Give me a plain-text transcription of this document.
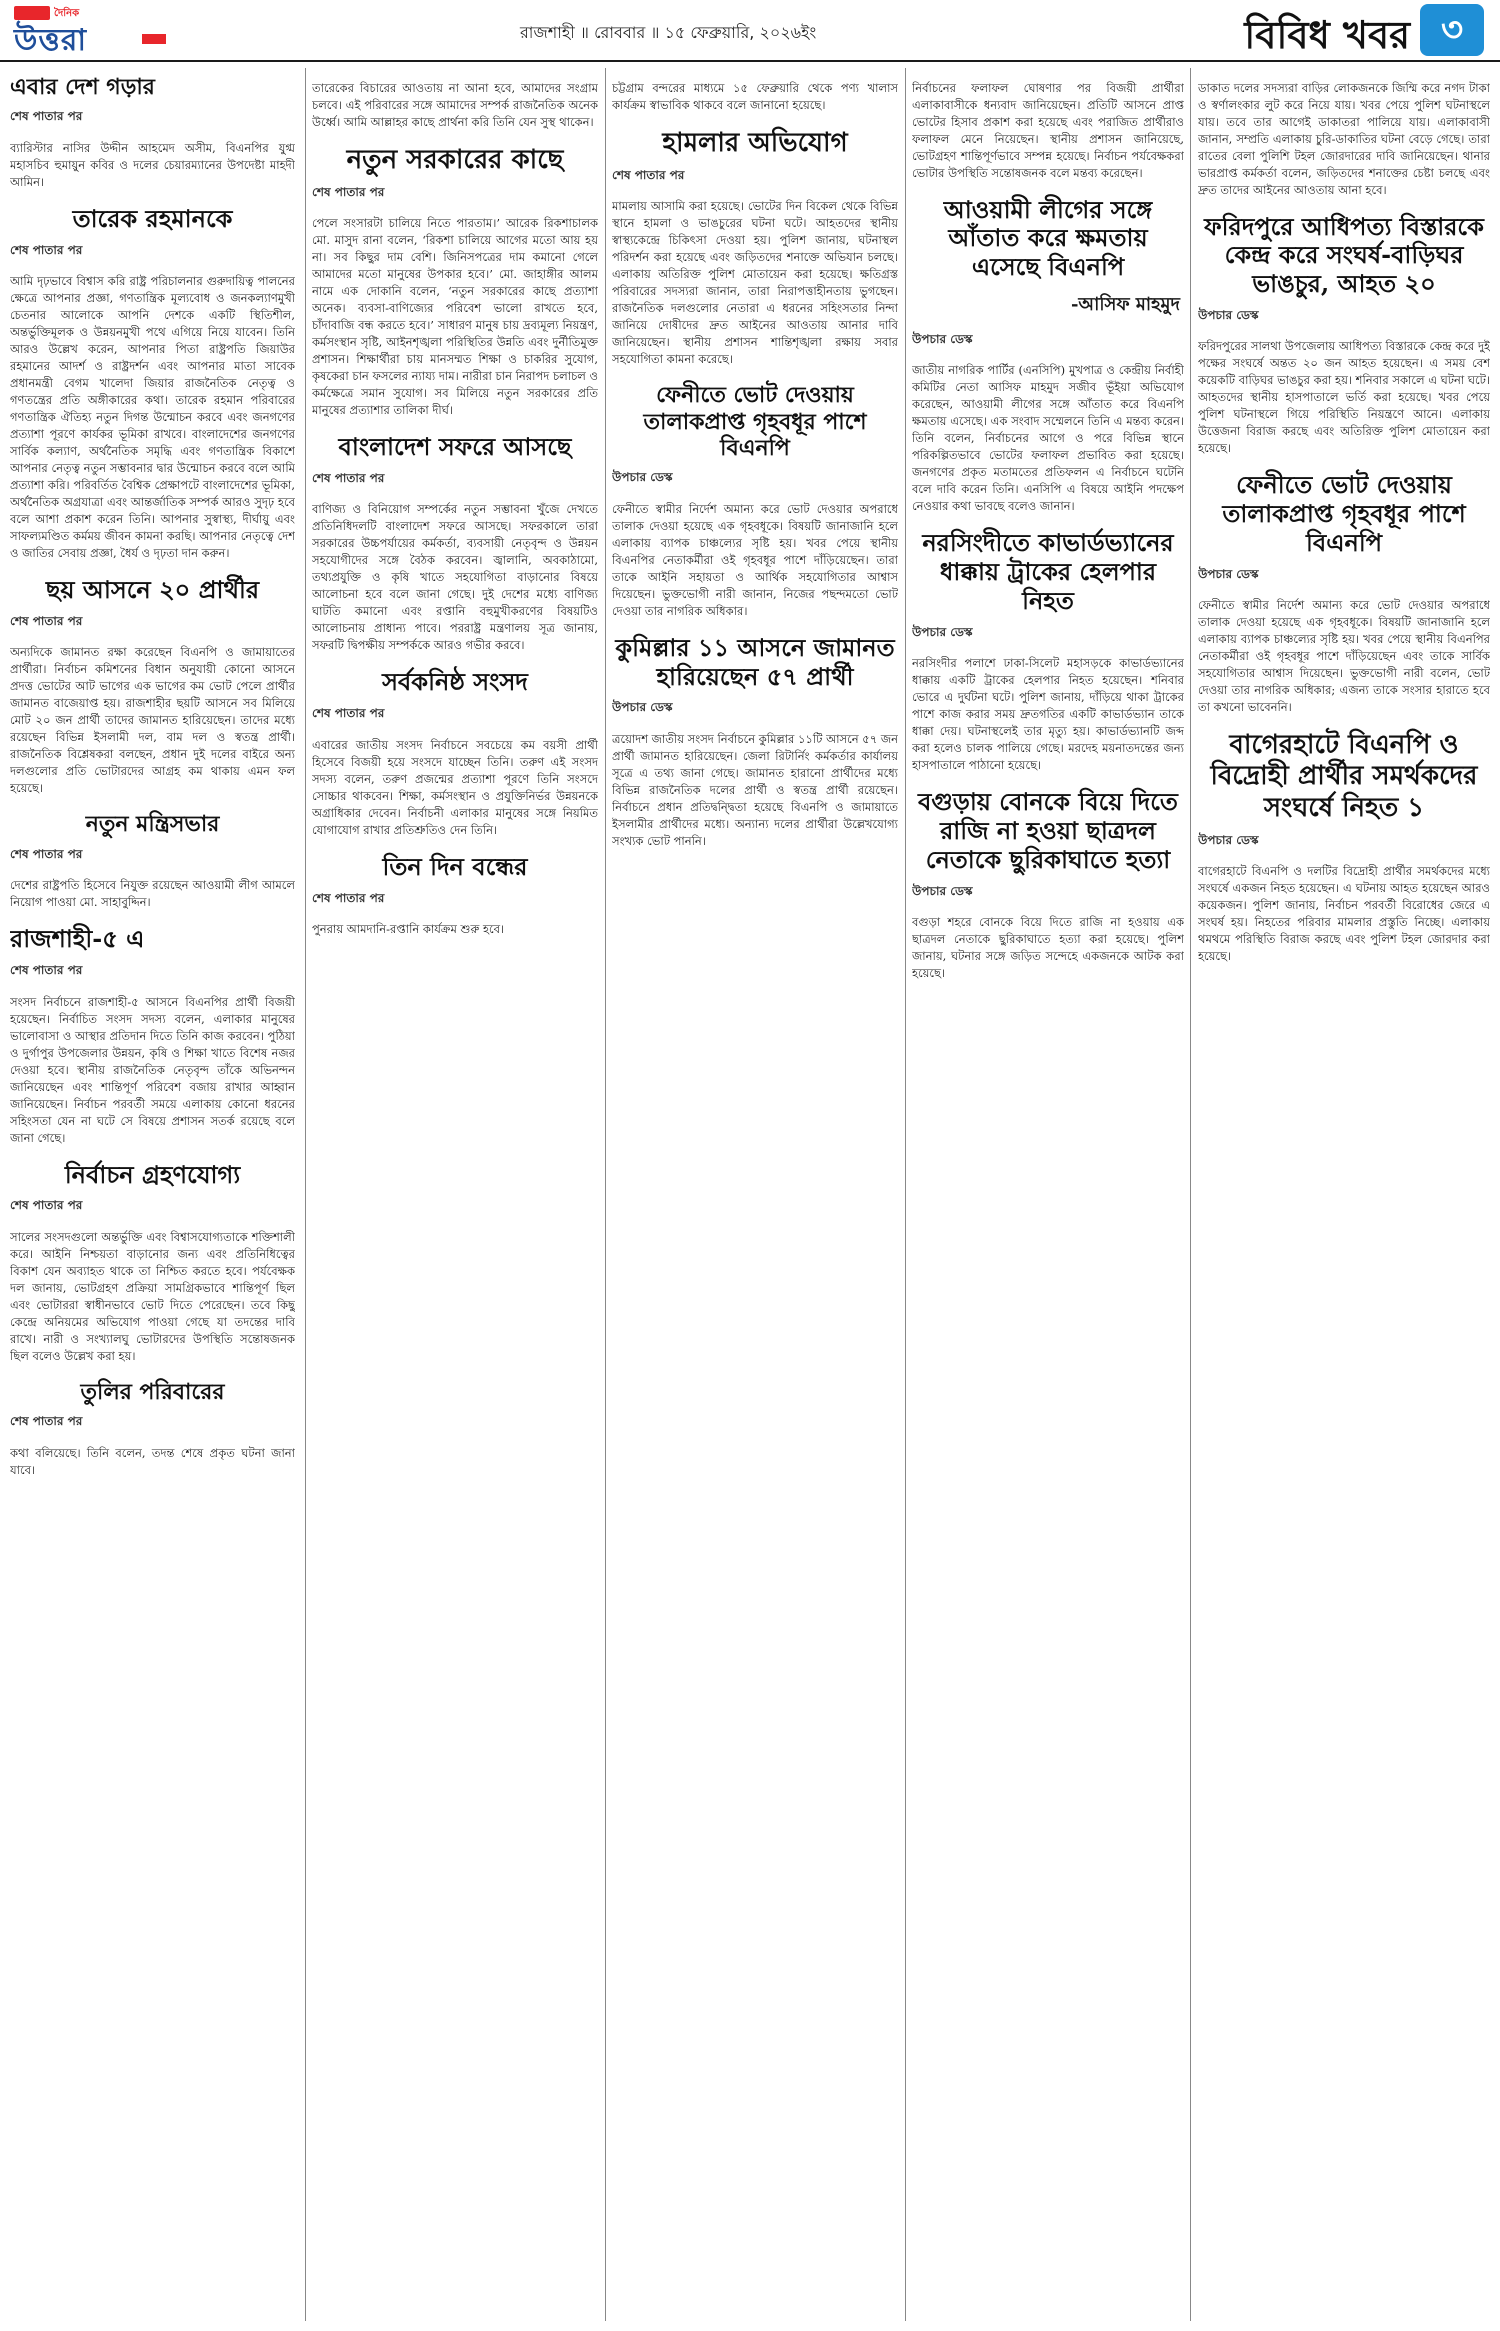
দৈনিক
উত্তরা	রাজশাহী ॥ রোববার ॥ ১৫ ফেব্রুয়ারি, ২০২৬ইং	বিবিধ খবর ৩
এবার দেশ গড়ার
শেষ পাতার পর

ব্যারিস্টার নাসির উদ্দীন আহমেদ অসীম, বিএনপির যুগ্ম মহাসচিব হুমায়ুন কবির ও দলের চেয়ারম্যানের উপদেষ্টা মাহদী আমিন।

তারেক রহমানকে
শেষ পাতার পর

আমি দৃঢ়ভাবে বিশ্বাস করি রাষ্ট্র পরিচালনার গুরুদায়িত্ব পালনের ক্ষেত্রে আপনার প্রজ্ঞা, গণতান্ত্রিক মূল্যবোধ ও জনকল্যাণমুখী চেতনার আলোকে আপনি দেশকে একটি স্থিতিশীল, অন্তর্ভুক্তিমূলক ও উন্নয়নমুখী পথে এগিয়ে নিয়ে যাবেন। তিনি আরও উল্লেখ করেন, আপনার পিতা রাষ্ট্রপতি জিয়াউর রহমানের আদর্শ ও রাষ্ট্রদর্শন এবং আপনার মাতা সাবেক প্রধানমন্ত্রী বেগম খালেদা জিয়ার রাজনৈতিক নেতৃত্ব ও গণতন্ত্রের প্রতি অঙ্গীকারের কথা। তারেক রহমান পরিবারের গণতান্ত্রিক ঐতিহ্য নতুন দিগন্ত উন্মোচন করবে এবং জনগণের প্রত্যাশা পূরণে কার্যকর ভূমিকা রাখবে। বাংলাদেশের জনগণের সার্বিক কল্যাণ, অর্থনৈতিক সমৃদ্ধি এবং গণতান্ত্রিক বিকাশে আপনার নেতৃত্ব নতুন সম্ভাবনার দ্বার উন্মোচন করবে বলে আমি প্রত্যাশা করি। পরিবর্তিত বৈশ্বিক প্রেক্ষাপটে বাংলাদেশের ভূমিকা, অর্থনৈতিক অগ্রযাত্রা এবং আন্তর্জাতিক সম্পর্ক আরও সুদৃঢ় হবে বলে আশা প্রকাশ করেন তিনি। আপনার সুস্বাস্থ্য, দীর্ঘায়ু এবং সাফল্যমণ্ডিত কর্মময় জীবন কামনা করছি। আপনার নেতৃত্বে দেশ ও জাতির সেবায় প্রজ্ঞা, ধৈর্য ও দৃঢ়তা দান করুন।

ছয় আসনে ২০ প্রার্থীর
শেষ পাতার পর

অন্যদিকে জামানত রক্ষা করেছেন বিএনপি ও জামায়াতের প্রার্থীরা। নির্বাচন কমিশনের বিধান অনুযায়ী কোনো আসনে প্রদত্ত ভোটের আট ভাগের এক ভাগের কম ভোট পেলে প্রার্থীর জামানত বাজেয়াপ্ত হয়। রাজশাহীর ছয়টি আসনে সব মিলিয়ে মোট ২০ জন প্রার্থী তাদের জামানত হারিয়েছেন। তাদের মধ্যে রয়েছেন বিভিন্ন ইসলামী দল, বাম দল ও স্বতন্ত্র প্রার্থী। রাজনৈতিক বিশ্লেষকরা বলছেন, প্রধান দুই দলের বাইরে অন্য দলগুলোর প্রতি ভোটারদের আগ্রহ কম থাকায় এমন ফল হয়েছে।

নতুন মন্ত্রিসভার
শেষ পাতার পর

দেশের রাষ্ট্রপতি হিসেবে নিযুক্ত রয়েছেন আওয়ামী লীগ আমলে নিয়োগ পাওয়া মো. সাহাবুদ্দিন।

রাজশাহী-৫ এ
শেষ পাতার পর

সংসদ নির্বাচনে রাজশাহী-৫ আসনে বিএনপির প্রার্থী বিজয়ী হয়েছেন। নির্বাচিত সংসদ সদস্য বলেন, এলাকার মানুষের ভালোবাসা ও আস্থার প্রতিদান দিতে তিনি কাজ করবেন। পুঠিয়া ও দুর্গাপুর উপজেলার উন্নয়ন, কৃষি ও শিক্ষা খাতে বিশেষ নজর দেওয়া হবে। স্থানীয় রাজনৈতিক নেতৃবৃন্দ তাঁকে অভিনন্দন জানিয়েছেন এবং শান্তিপূর্ণ পরিবেশ বজায় রাখার আহ্বান জানিয়েছেন। নির্বাচন পরবর্তী সময়ে এলাকায় কোনো ধরনের সহিংসতা যেন না ঘটে সে বিষয়ে প্রশাসন সতর্ক রয়েছে বলে জানা গেছে।

নির্বাচন গ্রহণযোগ্য
শেষ পাতার পর

সালের সংসদগুলো অন্তর্ভুক্তি এবং বিশ্বাসযোগ্যতাকে শক্তিশালী করে। আইনি নিশ্চয়তা বাড়ানোর জন্য এবং প্রতিনিধিত্বের বিকাশ যেন অব্যাহত থাকে তা নিশ্চিত করতে হবে। পর্যবেক্ষক দল জানায়, ভোটগ্রহণ প্রক্রিয়া সামগ্রিকভাবে শান্তিপূর্ণ ছিল এবং ভোটাররা স্বাধীনভাবে ভোট দিতে পেরেছেন। তবে কিছু কেন্দ্রে অনিয়মের অভিযোগ পাওয়া গেছে যা তদন্তের দাবি রাখে। নারী ও সংখ্যালঘু ভোটারদের উপস্থিতি সন্তোষজনক ছিল বলেও উল্লেখ করা হয়।

তুলির পরিবারের
শেষ পাতার পর

কথা বলিয়েছে। তিনি বলেন, তদন্ত শেষে প্রকৃত ঘটনা জানা যাবে।

তারেকের বিচারের আওতায় না আনা হবে, আমাদের সংগ্রাম চলবে। এই পরিবারের সঙ্গে আমাদের সম্পর্ক রাজনৈতিক অনেক উর্ধ্বে। আমি আল্লাহর কাছে প্রার্থনা করি তিনি যেন সুস্থ থাকেন।

নতুন সরকারের কাছে
শেষ পাতার পর

পেলে সংসারটা চালিয়ে নিতে পারতাম।’ আরেক রিকশাচালক মো. মাসুদ রানা বলেন, ‘রিকশা চালিয়ে আগের মতো আয় হয় না। সব কিছুর দাম বেশি। জিনিসপত্রের দাম কমানো গেলে আমাদের মতো মানুষের উপকার হবে।’ মো. জাহাঙ্গীর আলম নামে এক দোকানি বলেন, ‘নতুন সরকারের কাছে প্রত্যাশা অনেক। ব্যবসা-বাণিজ্যের পরিবেশ ভালো রাখতে হবে, চাঁদাবাজি বন্ধ করতে হবে।’ সাধারণ মানুষ চায় দ্রব্যমূল্য নিয়ন্ত্রণ, কর্মসংস্থান সৃষ্টি, আইনশৃঙ্খলা পরিস্থিতির উন্নতি এবং দুর্নীতিমুক্ত প্রশাসন। শিক্ষার্থীরা চায় মানসম্মত শিক্ষা ও চাকরির সুযোগ, কৃষকেরা চান ফসলের ন্যায্য দাম। নারীরা চান নিরাপদ চলাচল ও কর্মক্ষেত্রে সমান সুযোগ। সব মিলিয়ে নতুন সরকারের প্রতি মানুষের প্রত্যাশার তালিকা দীর্ঘ।

বাংলাদেশ সফরে আসছে
শেষ পাতার পর

বাণিজ্য ও বিনিয়োগ সম্পর্কের নতুন সম্ভাবনা খুঁজে দেখতে প্রতিনিধিদলটি বাংলাদেশ সফরে আসছে। সফরকালে তারা সরকারের উচ্চপর্যায়ের কর্মকর্তা, ব্যবসায়ী নেতৃবৃন্দ ও উন্নয়ন সহযোগীদের সঙ্গে বৈঠক করবেন। জ্বালানি, অবকাঠামো, তথ্যপ্রযুক্তি ও কৃষি খাতে সহযোগিতা বাড়ানোর বিষয়ে আলোচনা হবে বলে জানা গেছে। দুই দেশের মধ্যে বাণিজ্য ঘাটতি কমানো এবং রপ্তানি বহুমুখীকরণের বিষয়টিও আলোচনায় প্রাধান্য পাবে। পররাষ্ট্র মন্ত্রণালয় সূত্র জানায়, সফরটি দ্বিপক্ষীয় সম্পর্ককে আরও গভীর করবে।

সর্বকনিষ্ঠ সংসদ
শেষ পাতার পর

এবারের জাতীয় সংসদ নির্বাচনে সবচেয়ে কম বয়সী প্রার্থী হিসেবে বিজয়ী হয়ে সংসদে যাচ্ছেন তিনি। তরুণ এই সংসদ সদস্য বলেন, তরুণ প্রজন্মের প্রত্যাশা পূরণে তিনি সংসদে সোচ্চার থাকবেন। শিক্ষা, কর্মসংস্থান ও প্রযুক্তিনির্ভর উন্নয়নকে অগ্রাধিকার দেবেন। নির্বাচনী এলাকার মানুষের সঙ্গে নিয়মিত যোগাযোগ রাখার প্রতিশ্রুতিও দেন তিনি।

তিন দিন বন্ধের
শেষ পাতার পর

পুনরায় আমদানি-রপ্তানি কার্যক্রম শুরু হবে।

চট্টগ্রাম বন্দরের মাধ্যমে ১৫ ফেব্রুয়ারি থেকে পণ্য খালাস কার্যক্রম স্বাভাবিক থাকবে বলে জানানো হয়েছে।

হামলার অভিযোগ
শেষ পাতার পর

মামলায় আসামি করা হয়েছে। ভোটের দিন বিকেল থেকে বিভিন্ন স্থানে হামলা ও ভাঙচুরের ঘটনা ঘটে। আহতদের স্থানীয় স্বাস্থ্যকেন্দ্রে চিকিৎসা দেওয়া হয়। পুলিশ জানায়, ঘটনাস্থল পরিদর্শন করা হয়েছে এবং জড়িতদের শনাক্তে অভিযান চলছে। এলাকায় অতিরিক্ত পুলিশ মোতায়েন করা হয়েছে। ক্ষতিগ্রস্ত পরিবারের সদস্যরা জানান, তারা নিরাপত্তাহীনতায় ভুগছেন। রাজনৈতিক দলগুলোর নেতারা এ ধরনের সহিংসতার নিন্দা জানিয়ে দোষীদের দ্রুত আইনের আওতায় আনার দাবি জানিয়েছেন। স্থানীয় প্রশাসন শান্তিশৃঙ্খলা রক্ষায় সবার সহযোগিতা কামনা করেছে।

ফেনীতে ভোট দেওয়ায় তালাকপ্রাপ্ত গৃহবধূর পাশে বিএনপি
উপচার ডেস্ক

ফেনীতে স্বামীর নির্দেশ অমান্য করে ভোট দেওয়ার অপরাধে তালাক দেওয়া হয়েছে এক গৃহবধূকে। বিষয়টি জানাজানি হলে এলাকায় ব্যাপক চাঞ্চল্যের সৃষ্টি হয়। খবর পেয়ে স্থানীয় বিএনপির নেতাকর্মীরা ওই গৃহবধূর পাশে দাঁড়িয়েছেন। তারা তাকে আইনি সহায়তা ও আর্থিক সহযোগিতার আশ্বাস দিয়েছেন। ভুক্তভোগী নারী জানান, নিজের পছন্দমতো ভোট দেওয়া তার নাগরিক অধিকার।

কুমিল্লার ১১ আসনে জামানত হারিয়েছেন ৫৭ প্রার্থী
উপচার ডেস্ক

ত্রয়োদশ জাতীয় সংসদ নির্বাচনে কুমিল্লার ১১টি আসনে ৫৭ জন প্রার্থী জামানত হারিয়েছেন। জেলা রিটার্নিং কর্মকর্তার কার্যালয় সূত্রে এ তথ্য জানা গেছে। জামানত হারানো প্রার্থীদের মধ্যে বিভিন্ন রাজনৈতিক দলের প্রার্থী ও স্বতন্ত্র প্রার্থী রয়েছেন। নির্বাচনে প্রধান প্রতিদ্বন্দ্বিতা হয়েছে বিএনপি ও জামায়াতে ইসলামীর প্রার্থীদের মধ্যে। অন্যান্য দলের প্রার্থীরা উল্লেখযোগ্য সংখ্যক ভোট পাননি।

নির্বাচনের ফলাফল ঘোষণার পর বিজয়ী প্রার্থীরা এলাকাবাসীকে ধন্যবাদ জানিয়েছেন। প্রতিটি আসনে প্রাপ্ত ভোটের হিসাব প্রকাশ করা হয়েছে এবং পরাজিত প্রার্থীরাও ফলাফল মেনে নিয়েছেন। স্থানীয় প্রশাসন জানিয়েছে, ভোটগ্রহণ শান্তিপূর্ণভাবে সম্পন্ন হয়েছে। নির্বাচন পর্যবেক্ষকরা ভোটার উপস্থিতি সন্তোষজনক বলে মন্তব্য করেছেন।

আওয়ামী লীগের সঙ্গে আঁতাত করে ক্ষমতায় এসেছে বিএনপি
-আসিফ মাহমুদ
উপচার ডেস্ক

জাতীয় নাগরিক পার্টির (এনসিপি) মুখপাত্র ও কেন্দ্রীয় নির্বাহী কমিটির নেতা আসিফ মাহমুদ সজীব ভূঁইয়া অভিযোগ করেছেন, আওয়ামী লীগের সঙ্গে আঁতাত করে বিএনপি ক্ষমতায় এসেছে। এক সংবাদ সম্মেলনে তিনি এ মন্তব্য করেন। তিনি বলেন, নির্বাচনের আগে ও পরে বিভিন্ন স্থানে পরিকল্পিতভাবে ভোটের ফলাফল প্রভাবিত করা হয়েছে। জনগণের প্রকৃত মতামতের প্রতিফলন এ নির্বাচনে ঘটেনি বলে দাবি করেন তিনি। এনসিপি এ বিষয়ে আইনি পদক্ষেপ নেওয়ার কথা ভাবছে বলেও জানান।

নরসিংদীতে কাভার্ডভ্যানের ধাক্কায় ট্রাকের হেলপার নিহত
উপচার ডেস্ক

নরসিংদীর পলাশে ঢাকা-সিলেট মহাসড়কে কাভার্ডভ্যানের ধাক্কায় একটি ট্রাকের হেলপার নিহত হয়েছেন। শনিবার ভোরে এ দুর্ঘটনা ঘটে। পুলিশ জানায়, দাঁড়িয়ে থাকা ট্রাকের পাশে কাজ করার সময় দ্রুতগতির একটি কাভার্ডভ্যান তাকে ধাক্কা দেয়। ঘটনাস্থলেই তার মৃত্যু হয়। কাভার্ডভ্যানটি জব্দ করা হলেও চালক পালিয়ে গেছে। মরদেহ ময়নাতদন্তের জন্য হাসপাতালে পাঠানো হয়েছে।

বগুড়ায় বোনকে বিয়ে দিতে রাজি না হওয়া ছাত্রদল নেতাকে ছুরিকাঘাতে হত্যা
উপচার ডেস্ক

বগুড়া শহরে বোনকে বিয়ে দিতে রাজি না হওয়ায় এক ছাত্রদল নেতাকে ছুরিকাঘাতে হত্যা করা হয়েছে। পুলিশ জানায়, ঘটনার সঙ্গে জড়িত সন্দেহে একজনকে আটক করা হয়েছে।

ডাকাত দলের সদস্যরা বাড়ির লোকজনকে জিম্মি করে নগদ টাকা ও স্বর্ণালংকার লুট করে নিয়ে যায়। খবর পেয়ে পুলিশ ঘটনাস্থলে যায়। তবে তার আগেই ডাকাতরা পালিয়ে যায়। এলাকাবাসী জানান, সম্প্রতি এলাকায় চুরি-ডাকাতির ঘটনা বেড়ে গেছে। তারা রাতের বেলা পুলিশি টহল জোরদারের দাবি জানিয়েছেন। থানার ভারপ্রাপ্ত কর্মকর্তা বলেন, জড়িতদের শনাক্তের চেষ্টা চলছে এবং দ্রুত তাদের আইনের আওতায় আনা হবে।

ফরিদপুরে আধিপত্য বিস্তারকে কেন্দ্র করে সংঘর্ষ-বাড়িঘর ভাঙচুর, আহত ২০
উপচার ডেস্ক

ফরিদপুরের সালথা উপজেলায় আধিপত্য বিস্তারকে কেন্দ্র করে দুই পক্ষের সংঘর্ষে অন্তত ২০ জন আহত হয়েছেন। এ সময় বেশ কয়েকটি বাড়িঘর ভাঙচুর করা হয়। শনিবার সকালে এ ঘটনা ঘটে। আহতদের স্থানীয় হাসপাতালে ভর্তি করা হয়েছে। খবর পেয়ে পুলিশ ঘটনাস্থলে গিয়ে পরিস্থিতি নিয়ন্ত্রণে আনে। এলাকায় উত্তেজনা বিরাজ করছে এবং অতিরিক্ত পুলিশ মোতায়েন করা হয়েছে।

ফেনীতে ভোট দেওয়ায় তালাকপ্রাপ্ত গৃহবধূর পাশে বিএনপি
উপচার ডেস্ক

ফেনীতে স্বামীর নির্দেশ অমান্য করে ভোট দেওয়ার অপরাধে তালাক দেওয়া হয়েছে এক গৃহবধূকে। বিষয়টি জানাজানি হলে এলাকায় ব্যাপক চাঞ্চল্যের সৃষ্টি হয়। খবর পেয়ে স্থানীয় বিএনপির নেতাকর্মীরা ওই গৃহবধূর পাশে দাঁড়িয়েছেন এবং তাকে সার্বিক সহযোগিতার আশ্বাস দিয়েছেন। ভুক্তভোগী নারী বলেন, ভোট দেওয়া তার নাগরিক অধিকার; এজন্য তাকে সংসার হারাতে হবে তা কখনো ভাবেননি।

বাগেরহাটে বিএনপি ও বিদ্রোহী প্রার্থীর সমর্থকদের সংঘর্ষে নিহত ১
উপচার ডেস্ক

বাগেরহাটে বিএনপি ও দলটির বিদ্রোহী প্রার্থীর সমর্থকদের মধ্যে সংঘর্ষে একজন নিহত হয়েছেন। এ ঘটনায় আহত হয়েছেন আরও কয়েকজন। পুলিশ জানায়, নির্বাচন পরবর্তী বিরোধের জেরে এ সংঘর্ষ হয়। নিহতের পরিবার মামলার প্রস্তুতি নিচ্ছে। এলাকায় থমথমে পরিস্থিতি বিরাজ করছে এবং পুলিশ টহল জোরদার করা হয়েছে।
